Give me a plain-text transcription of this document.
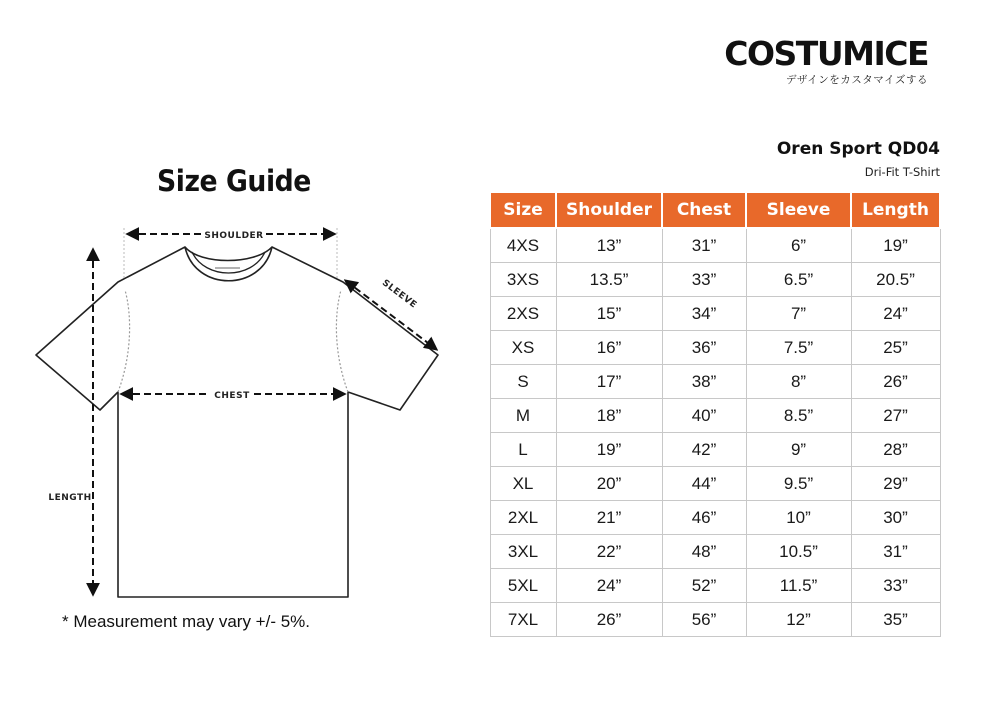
COSTUMICE
デザインをカスタマイズする
Oren Sport QD04
Dri-Fit T-Shirt
Size Guide
SHOULDER
SLEEVE
CHEST
LENGTH
* Measurement may vary +/- 5%.
Size	Shoulder	Chest	Sleeve	Length
4XS	13”	31”	6”	19”
3XS	13.5”	33”	6.5”	20.5”
2XS	15”	34”	7”	24”
XS	16”	36”	7.5”	25”
S	17”	38”	8”	26”
M	18”	40”	8.5”	27”
L	19”	42”	9”	28”
XL	20”	44”	9.5”	29”
2XL	21”	46”	10”	30”
3XL	22”	48”	10.5”	31”
5XL	24”	52”	11.5”	33”
7XL	26”	56”	12”	35”
